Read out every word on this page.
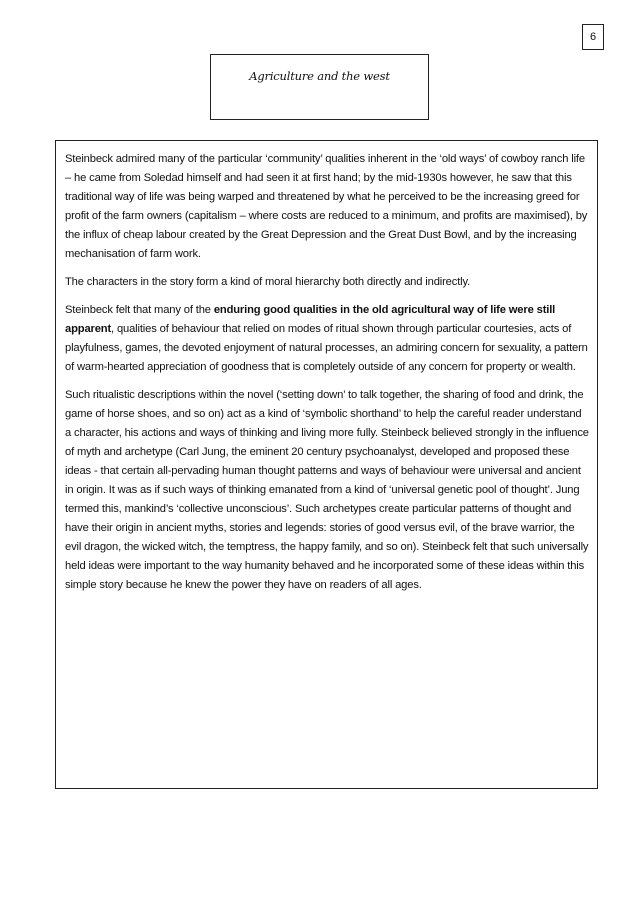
6
Agriculture and the west

Steinbeck admired many of the particular ‘community’ qualities inherent in the ‘old ways’ of cowboy ranch life – he came from Soledad himself and had seen it at first hand; by the mid-1930s however, he saw that this traditional way of life was being warped and threatened by what he perceived to be the increasing greed for profit of the farm owners (capitalism – where costs are reduced to a minimum, and profits are maximised), by the influx of cheap labour created by the Great Depression and the Great Dust Bowl, and by the increasing mechanisation of farm work.

The characters in the story form a kind of moral hierarchy both directly and indirectly.

Steinbeck felt that many of the enduring good qualities in the old agricultural way of life were still apparent, qualities of behaviour that relied on modes of ritual shown through particular courtesies, acts of playfulness, games, the devoted enjoyment of natural processes, an admiring concern for sexuality, a pattern of warm-hearted appreciation of goodness that is completely outside of any concern for property or wealth.

Such ritualistic descriptions within the novel (‘setting down’ to talk together, the sharing of food and drink, the game of horse shoes, and so on) act as a kind of ‘symbolic shorthand’ to help the careful reader understand a character, his actions and ways of thinking and living more fully. Steinbeck believed strongly in the influence of myth and archetype (Carl Jung, the eminent 20 century psychoanalyst, developed and proposed these ideas - that certain all-pervading human thought patterns and ways of behaviour were universal and ancient in origin. It was as if such ways of thinking emanated from a kind of ‘universal genetic pool of thought’. Jung termed this, mankind’s ‘collective unconscious’. Such archetypes create particular patterns of thought and have their origin in ancient myths, stories and legends: stories of good versus evil, of the brave warrior, the evil dragon, the wicked witch, the temptress, the happy family, and so on). Steinbeck felt that such universally held ideas were important to the way humanity behaved and he incorporated some of these ideas within this simple story because he knew the power they have on readers of all ages.
